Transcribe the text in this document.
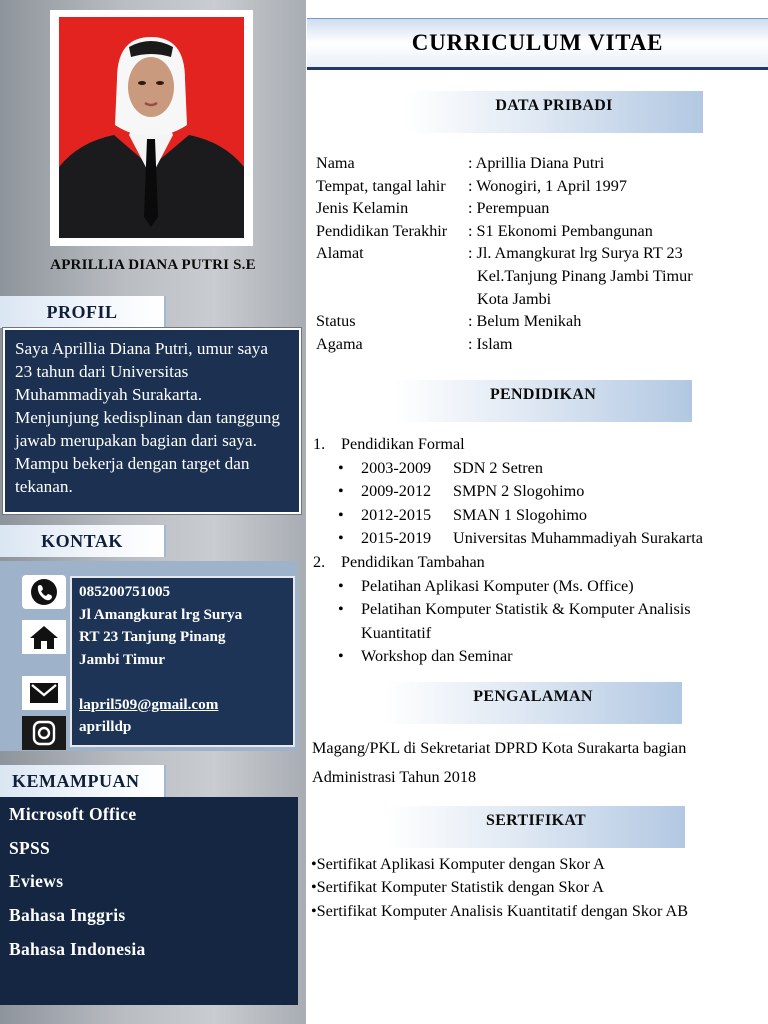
APRILLIA DIANA PUTRI S.E
PROFIL
Saya Aprillia Diana Putri, umur saya 23 tahun dari Universitas Muhammadiyah Surakarta. Menjunjung kedisplinan dan tanggung jawab merupakan bagian dari saya. Mampu bekerja dengan target dan tekanan.
KONTAK
085200751005
Jl Amangkurat lrg Surya
RT 23 Tanjung Pinang
Jambi Timur
lapril509@gmail.com
aprilldp
Microsoft Office
SPSS
Eviews
Bahasa Inggris
Bahasa Indonesia
KEMAMPUAN
CURRICULUM VITAE
DATA PRIBADI
Nama	: Aprillia Diana Putri
Tempat, tangal lahir	: Wonogiri, 1 April 1997
Jenis Kelamin	: Perempuan
Pendidikan Terakhir	: S1 Ekonomi Pembangunan
Alamat	: Jl. Amangkurat lrg Surya RT 23
Kel.Tanjung Pinang Jambi Timur
Kota Jambi
Status	: Belum Menikah
Agama	: Islam
PENDIDIKAN
1. Pendidikan Formal
•	2003-2009	SDN 2 Setren
•	2009-2012	SMPN 2 Slogohimo
•	2012-2015	SMAN 1 Slogohimo
•	2015-2019	Universitas Muhammadiyah Surakarta
2. Pendidikan Tambahan
•	Pelatihan Aplikasi Komputer (Ms. Office)
•	Pelatihan Komputer Statistik & Komputer Analisis Kuantitatif
•	Workshop dan Seminar
PENGALAMAN
Magang/PKL di Sekretariat DPRD Kota Surakarta bagian Administrasi Tahun 2018
SERTIFIKAT
•Sertifikat Aplikasi Komputer dengan Skor A
•Sertifikat Komputer Statistik dengan Skor A
•Sertifikat Komputer Analisis Kuantitatif dengan Skor AB
